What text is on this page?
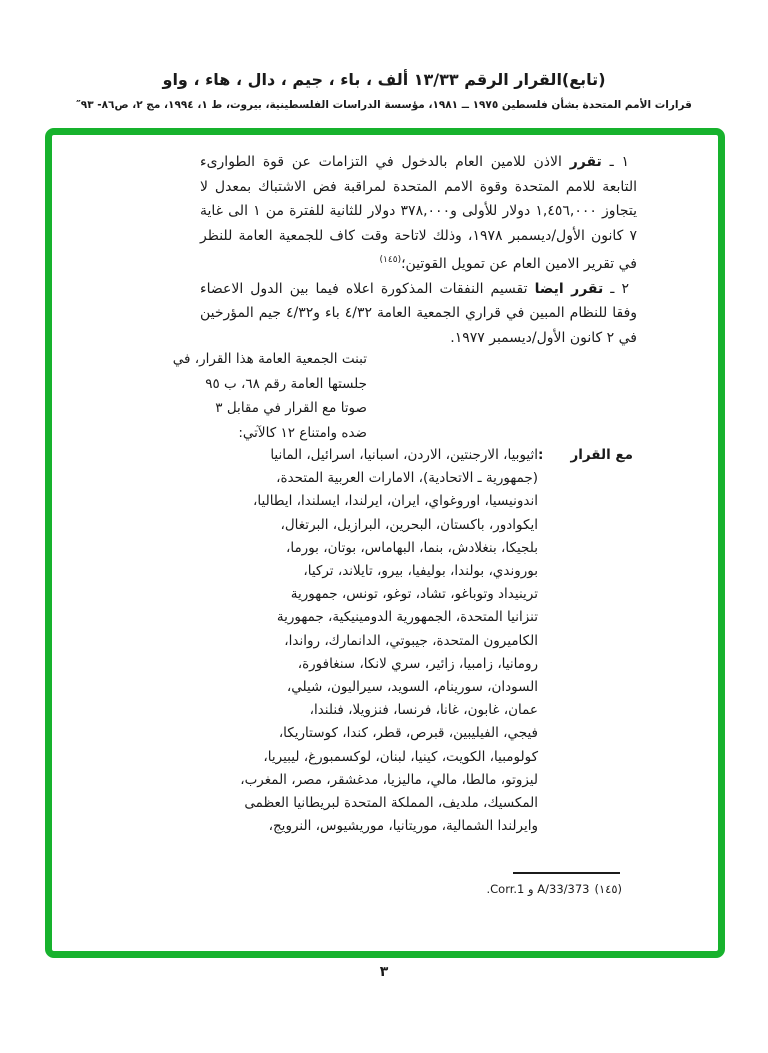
(تابع)القرار الرقم ١٣/٣٣ ألف ، باء ، جيم ، دال ، هاء ، واو
قرارات الأمم المتحدة بشأن فلسطين ١٩٧٥ ــ ١٩٨١، مؤسسة الدراسات الفلسطينية، بيروت، ط ١، ١٩٩٤، مج ٢، ص٨٦- ٩٣″

١ ـ تقرر الاذن للامين العام بالدخول في التزامات عن قوة الطوارىء التابعة للامم المتحدة وقوة الامم المتحدة لمراقبة فض الاشتباك بمعدل لا يتجاوز ١,٤٥٦,٠٠٠ دولار للأولى و٣٧٨,٠٠٠ دولار للثانية للفترة من ١ الى غاية ٧ كانون الأول/ديسمبر ١٩٧٨، وذلك لاتاحة وقت كاف للجمعية العامة للنظر في تقرير الامين العام عن تمويل القوتين؛$^{(١٤٥)}$

٢ ـ تقرر ايضا تقسيم النفقات المذكورة اعلاه فيما بين الدول الاعضاء وفقا للنظام المبين في قراري الجمعية العامة ٤/٣٢ باء و٤/٣٢ جيم المؤرخين في ٢ كانون الأول/ديسمبر ١٩٧٧.

تبنت الجمعية العامة هذا القرار، في
جلستها العامة رقم ٦٨، ب ٩٥
صوتا مع القرار في مقابل ٣
ضده وامتناع ١٢ كالآتي:
مع القرار
:
اثيوبيا، الارجنتين، الاردن، اسبانيا، اسرائيل، المانيا
(جمهورية ـ الاتحادية)، الامارات العربية المتحدة،
اندونيسيا، اوروغواي، ايران، ايرلندا، ايسلندا، ايطاليا،
ايكوادور، باكستان، البحرين، البرازيل، البرتغال،
بلجيكا، بنغلادش، بنما، البهاماس، بوتان، بورما،
بوروندي، بولندا، بوليفيا، بيرو، تايلاند، تركيا،
ترينيداد وتوباغو، تشاد، توغو، تونس، جمهورية
تنزانيا المتحدة، الجمهورية الدومينيكية، جمهورية
الكاميرون المتحدة، جيبوتي، الدانمارك، رواندا،
رومانيا، زامبيا، زائير، سري لانكا، سنغافورة،
السودان، سورينام، السويد، سيراليون، شيلي،
عمان، غابون، غانا، فرنسا، فنزويلا، فنلندا،
فيجي، الفيليبين، قبرص، قطر، كندا، كوستاريكا،
كولومبيا، الكويت، كينيا، لبنان، لوكسمبورغ، ليبيريا،
ليزوتو، مالطا، مالي، ماليزيا، مدغشقر، مصر، المغرب،
المكسيك، ملديف، المملكة المتحدة لبريطانيا العظمى
وايرلندا الشمالية، موريتانيا، موريشيوس، النرويج،
(١٤٥)A/33/373 و Corr.1.
٣
